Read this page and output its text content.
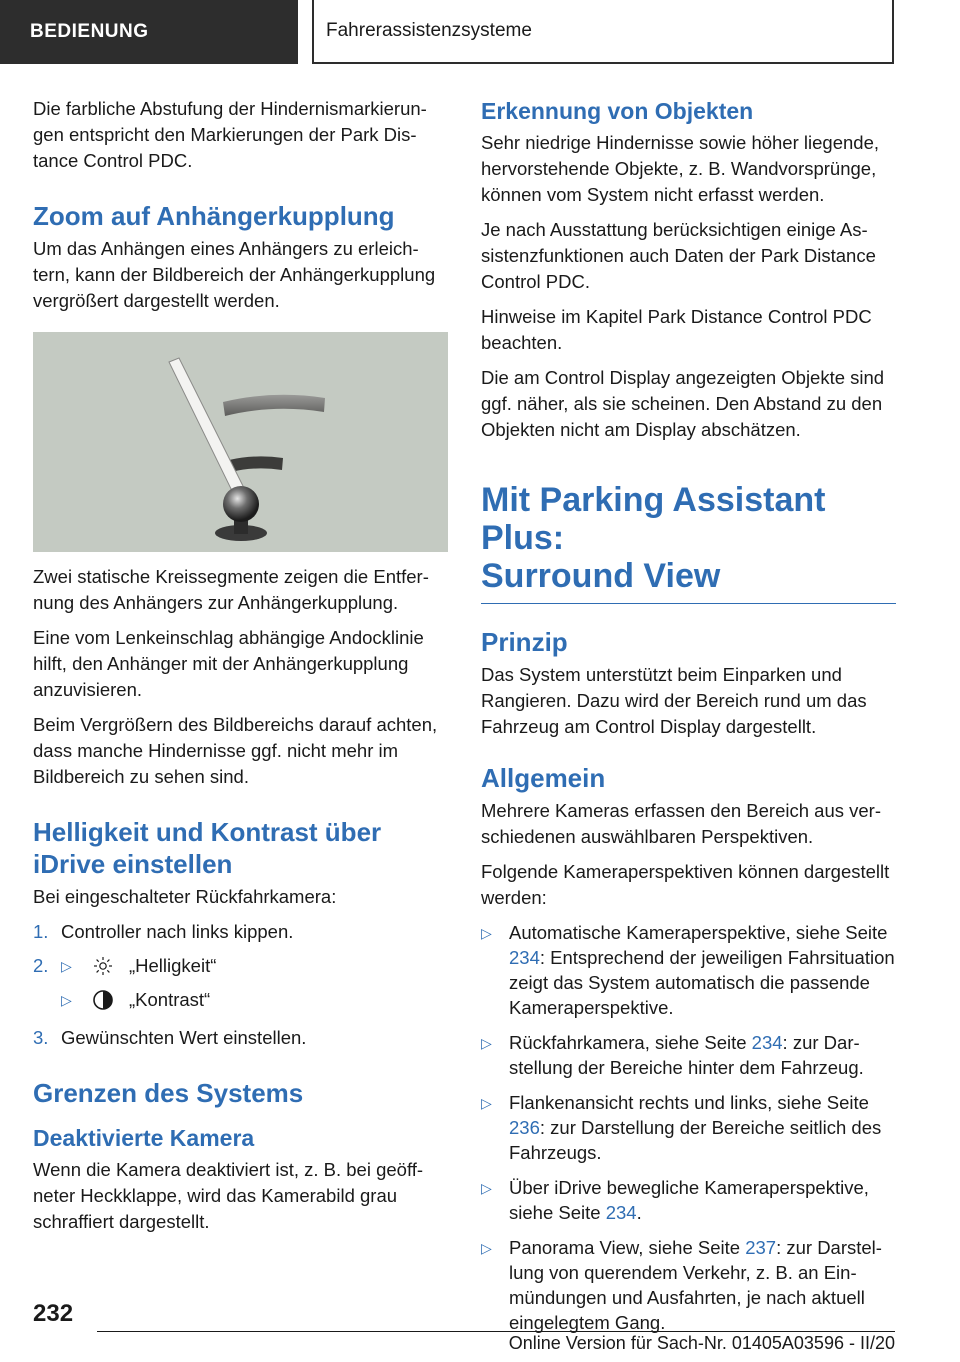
BEDIENUNG	Fahrerassistenzsysteme

Die farbliche Abstufung der Hindernismarkierungen entspricht den Markierungen der Park Distance Control PDC.

Zoom auf Anhängerkupplung

Um das Anhängen eines Anhängers zu erleichtern, kann der Bildbereich der Anhängerkupplung vergrößert dargestellt werden.

Zwei statische Kreissegmente zeigen die Entfernung des Anhängers zur Anhängerkupplung.

Eine vom Lenkeinschlag abhängige Andocklinie hilft, den Anhänger mit der Anhängerkupplung anzuvisieren.

Beim Vergrößern des Bildbereichs darauf achten, dass manche Hindernisse ggf. nicht mehr im Bildbereich zu sehen sind.

Helligkeit und Kontrast über iDrive einstellen

Bei eingeschalteter Rückfahrkamera:

1. Controller nach links kippen.
2. ▷	„Helligkeit“
▷	„Kontrast“
3. Gewünschten Wert einstellen.
Grenzen des Systems
Deaktivierte Kamera

Wenn die Kamera deaktiviert ist, z. B. bei geöffneter Heckklappe, wird das Kamerabild grau schraffiert dargestellt.

Erkennung von Objekten

Sehr niedrige Hindernisse sowie höher liegende, hervorstehende Objekte, z. B. Wandvorsprünge, können vom System nicht erfasst werden.

Je nach Ausstattung berücksichtigen einige Assistenzfunktionen auch Daten der Park Distance Control PDC.

Hinweise im Kapitel Park Distance Control PDC beachten.

Die am Control Display angezeigten Objekte sind ggf. näher, als sie scheinen. Den Abstand zu den Objekten nicht am Display abschätzen.

Mit Parking Assistant Plus:
Surround View
Prinzip

Das System unterstützt beim Einparken und Rangieren. Dazu wird der Bereich rund um das Fahrzeug am Control Display dargestellt.

Allgemein

Mehrere Kameras erfassen den Bereich aus verschiedenen auswählbaren Perspektiven.

Folgende Kameraperspektiven können dargestellt werden:

▷ Automatische Kameraperspektive, siehe Seite 234: Entsprechend der jeweiligen Fahrsituation zeigt das System automatisch die passende Kameraperspektive.
▷ Rückfahrkamera, siehe Seite 234: zur Darstellung der Bereiche hinter dem Fahrzeug.
▷ Flankenansicht rechts und links, siehe Seite 236: zur Darstellung der Bereiche seitlich des Fahrzeugs.
▷ Über iDrive bewegliche Kameraperspektive, siehe Seite 234.
▷ Panorama View, siehe Seite 237: zur Darstellung von querendem Verkehr, z. B. an Einmündungen und Ausfahrten, je nach aktuell eingelegtem Gang.
232
Online Version für Sach-Nr. 01405A03596 - II/20
